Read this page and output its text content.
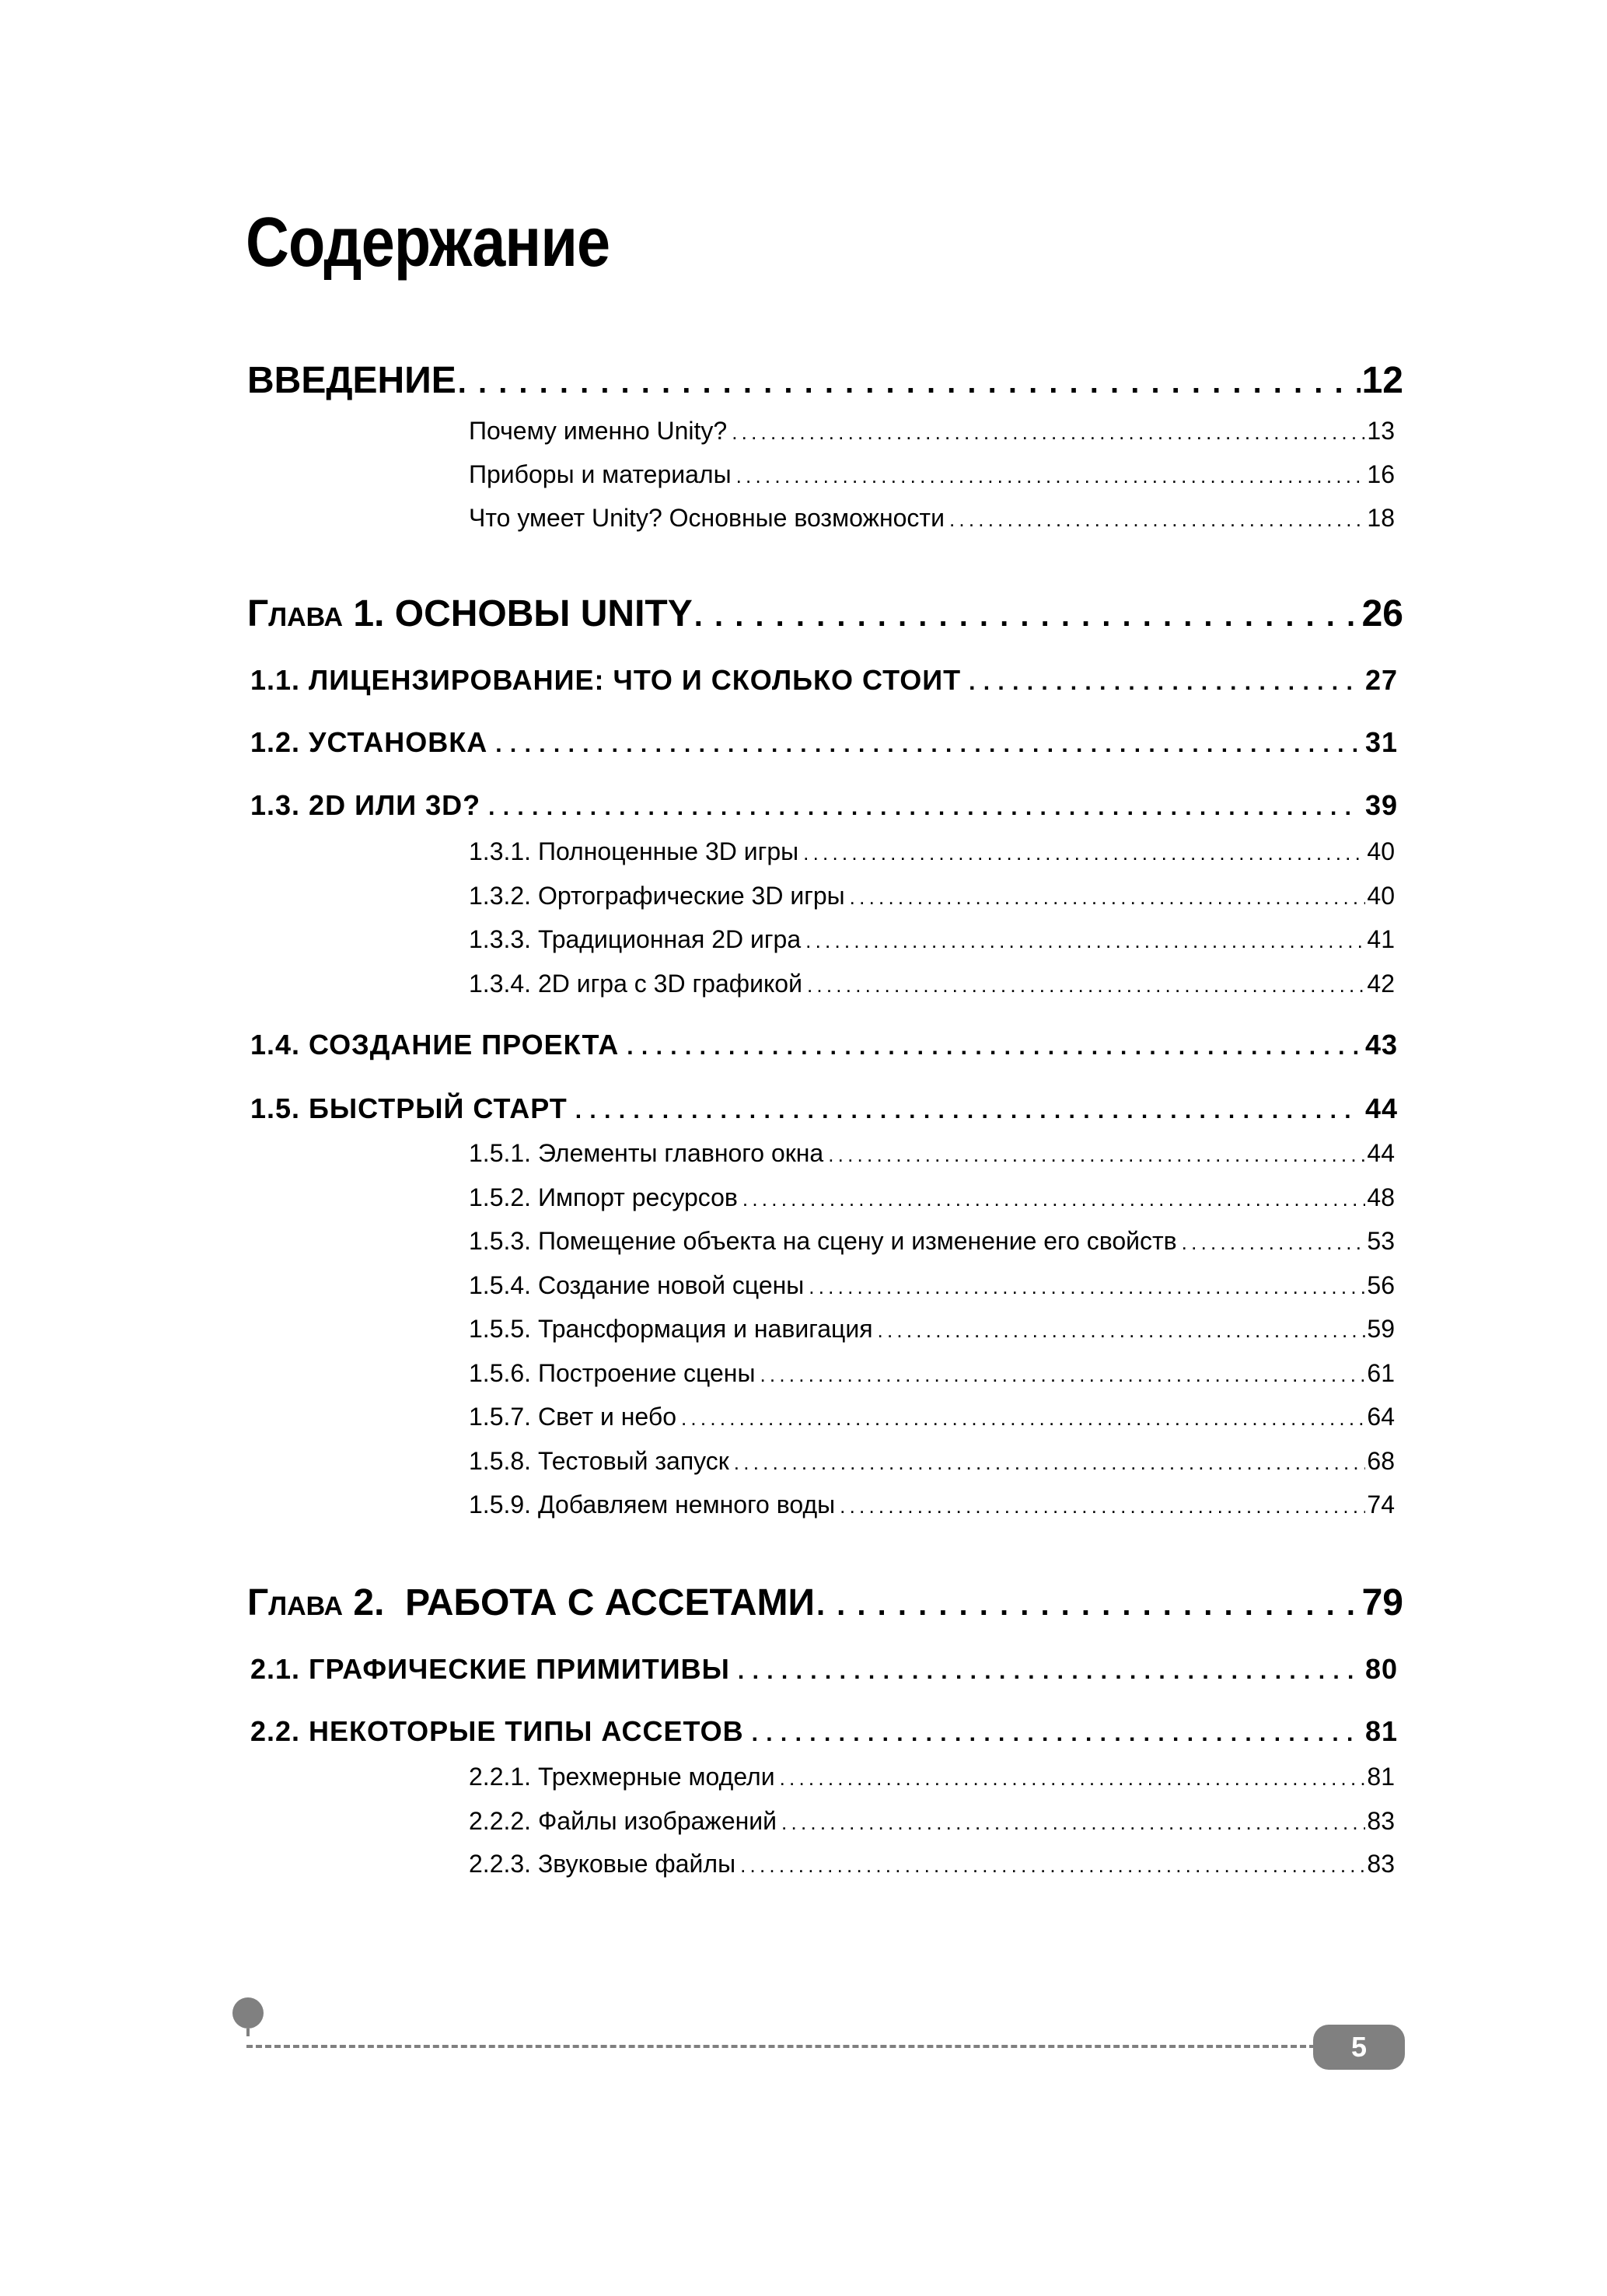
Содержание
ВВЕДЕНИЕ . . .	12
Почему именно Unity? . . .	13
Приборы и материалы . . .	16
Что умеет Unity? Основные возможности . . .	18
ГЛАВА 1. ОСНОВЫ UNITY . . .	26
1.1. ЛИЦЕНЗИРОВАНИЕ: ЧТО И СКОЛЬКО СТОИТ . . .	27
1.2. УСТАНОВКА . . .	31
1.3. 2D ИЛИ 3D? . . .	39
1.3.1. Полноценные 3D игры . . .	40
1.3.2. Ортографические 3D игры . . .	40
1.3.3. Традиционная 2D игра . . .	41
1.3.4. 2D игра с 3D графикой . . .	42
1.4. СОЗДАНИЕ ПРОЕКТА . . .	43
1.5. БЫСТРЫЙ СТАРТ . . .	44
1.5.1. Элементы главного окна . . .	44
1.5.2. Импорт ресурсов . . .	48
1.5.3. Помещение объекта на сцену и изменение его свойств . . .	53
1.5.4. Создание новой сцены . . .	56
1.5.5. Трансформация и навигация . . .	59
1.5.6. Построение сцены . . .	61
1.5.7. Свет и небо . . .	64
1.5.8. Тестовый запуск . . .	68
1.5.9. Добавляем немного воды . . .	74
ГЛАВА 2.  РАБОТА С АССЕТАМИ . . .	79
2.1. ГРАФИЧЕСКИЕ ПРИМИТИВЫ . . .	80
2.2. НЕКОТОРЫЕ ТИПЫ АССЕТОВ . . .	81
2.2.1. Трехмерные модели . . .	81
2.2.2. Файлы изображений . . .	83
2.2.3. Звуковые файлы . . .	83
5
